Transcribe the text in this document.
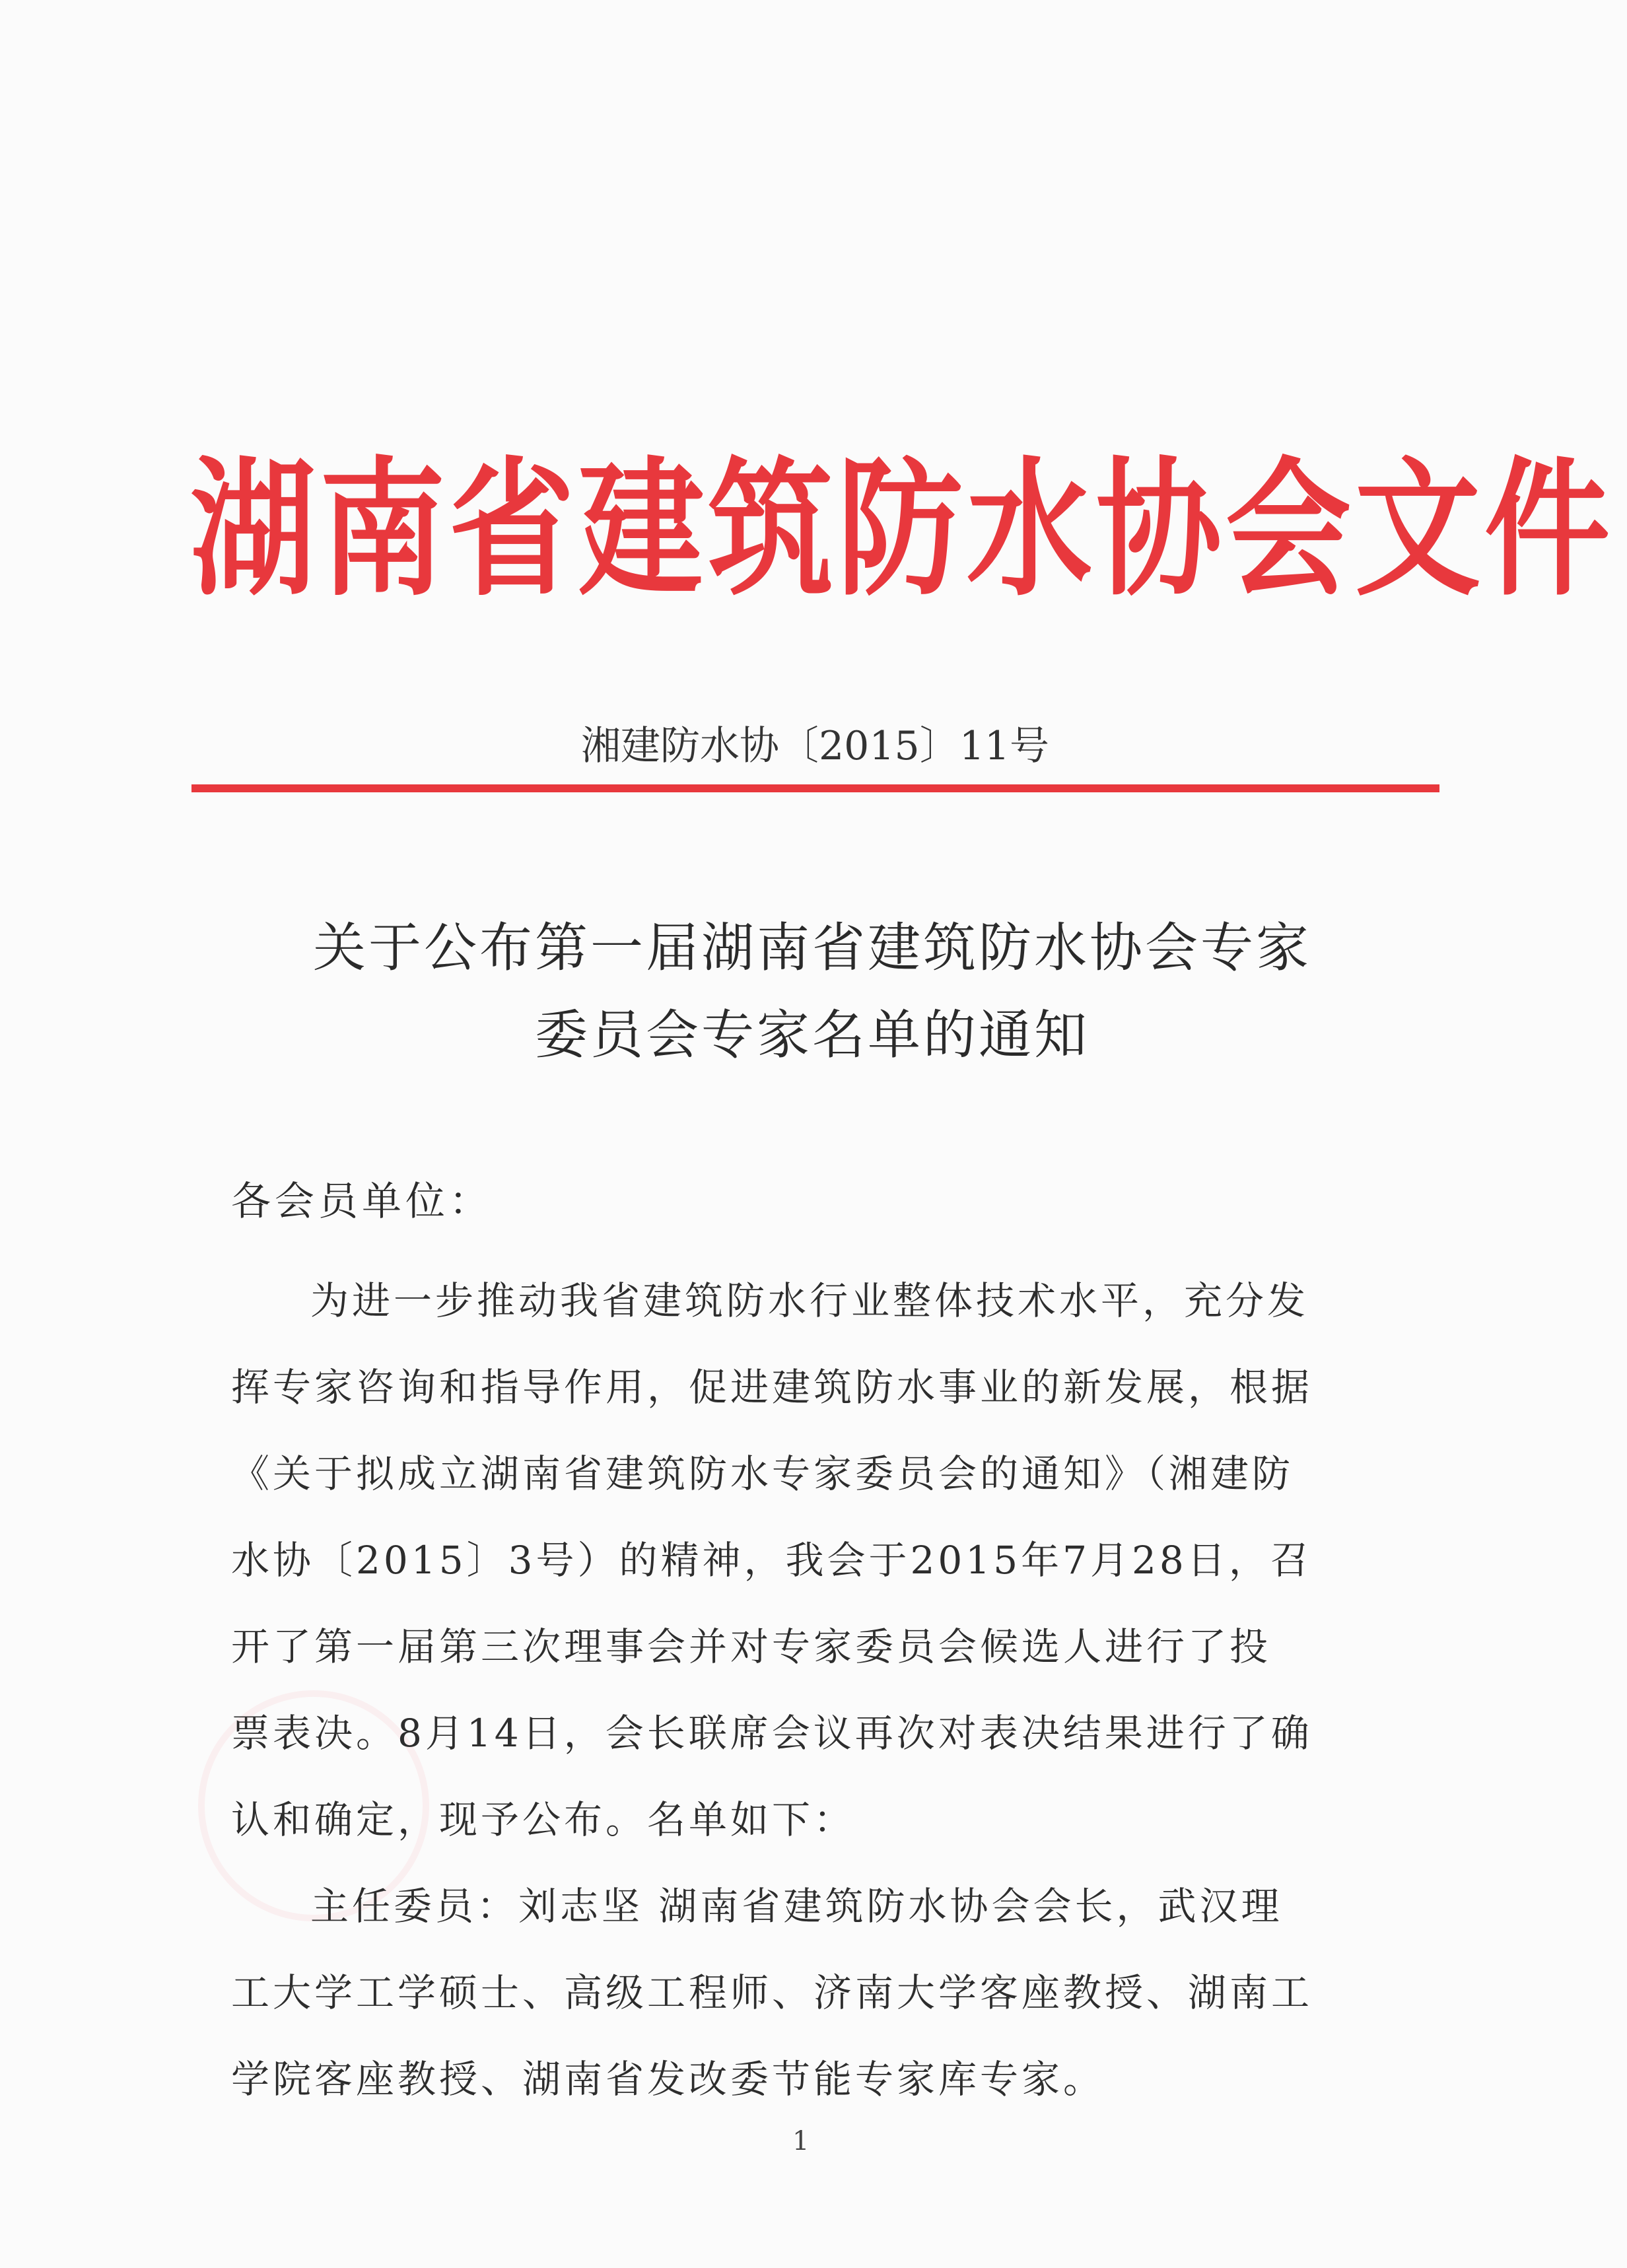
湖南省建筑防水协会文件
湘建防水协〔2015〕11号
关于公布第一届湖南省建筑防水协会专家
委员会专家名单的通知
各会员单位：
为进一步推动我省建筑防水行业整体技术水平，充分发
挥专家咨询和指导作用，促进建筑防水事业的新发展，根据
《关于拟成立湖南省建筑防水专家委员会的通知》（湘建防
水协〔2015〕3号）的精神，我会于2015年7月28日，召
开了第一届第三次理事会并对专家委员会候选人进行了投
票表决。8月14日，会长联席会议再次对表决结果进行了确
认和确定，现予公布。名单如下：
主任委员：刘志坚 湖南省建筑防水协会会长，武汉理
工大学工学硕士、高级工程师、济南大学客座教授、湖南工
学院客座教授、湖南省发改委节能专家库专家。
1
